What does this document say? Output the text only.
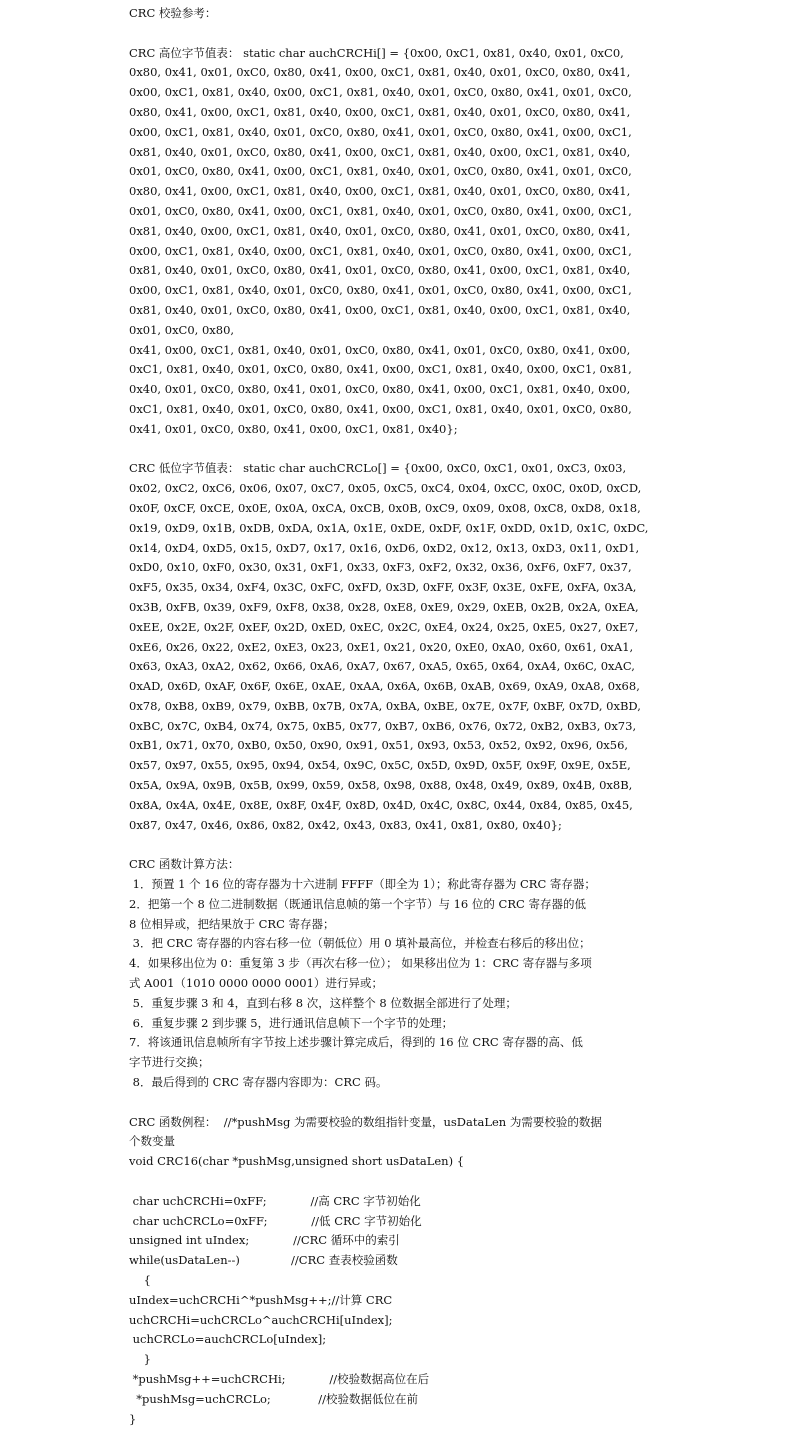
CRC 校验参考：
CRC 高位字节值表： static char auchCRCHi[] = {0x00, 0xC1, 0x81, 0x40, 0x01, 0xC0,
0x80, 0x41, 0x01, 0xC0, 0x80, 0x41, 0x00, 0xC1, 0x81, 0x40, 0x01, 0xC0, 0x80, 0x41,
0x00, 0xC1, 0x81, 0x40, 0x00, 0xC1, 0x81, 0x40, 0x01, 0xC0, 0x80, 0x41, 0x01, 0xC0,
0x80, 0x41, 0x00, 0xC1, 0x81, 0x40, 0x00, 0xC1, 0x81, 0x40, 0x01, 0xC0, 0x80, 0x41,
0x00, 0xC1, 0x81, 0x40, 0x01, 0xC0, 0x80, 0x41, 0x01, 0xC0, 0x80, 0x41, 0x00, 0xC1,
0x81, 0x40, 0x01, 0xC0, 0x80, 0x41, 0x00, 0xC1, 0x81, 0x40, 0x00, 0xC1, 0x81, 0x40,
0x01, 0xC0, 0x80, 0x41, 0x00, 0xC1, 0x81, 0x40, 0x01, 0xC0, 0x80, 0x41, 0x01, 0xC0,
0x80, 0x41, 0x00, 0xC1, 0x81, 0x40, 0x00, 0xC1, 0x81, 0x40, 0x01, 0xC0, 0x80, 0x41,
0x01, 0xC0, 0x80, 0x41, 0x00, 0xC1, 0x81, 0x40, 0x01, 0xC0, 0x80, 0x41, 0x00, 0xC1,
0x81, 0x40, 0x00, 0xC1, 0x81, 0x40, 0x01, 0xC0, 0x80, 0x41, 0x01, 0xC0, 0x80, 0x41,
0x00, 0xC1, 0x81, 0x40, 0x00, 0xC1, 0x81, 0x40, 0x01, 0xC0, 0x80, 0x41, 0x00, 0xC1,
0x81, 0x40, 0x01, 0xC0, 0x80, 0x41, 0x01, 0xC0, 0x80, 0x41, 0x00, 0xC1, 0x81, 0x40,
0x00, 0xC1, 0x81, 0x40, 0x01, 0xC0, 0x80, 0x41, 0x01, 0xC0, 0x80, 0x41, 0x00, 0xC1,
0x81, 0x40, 0x01, 0xC0, 0x80, 0x41, 0x00, 0xC1, 0x81, 0x40, 0x00, 0xC1, 0x81, 0x40,
0x01, 0xC0, 0x80,
0x41, 0x00, 0xC1, 0x81, 0x40, 0x01, 0xC0, 0x80, 0x41, 0x01, 0xC0, 0x80, 0x41, 0x00,
0xC1, 0x81, 0x40, 0x01, 0xC0, 0x80, 0x41, 0x00, 0xC1, 0x81, 0x40, 0x00, 0xC1, 0x81,
0x40, 0x01, 0xC0, 0x80, 0x41, 0x01, 0xC0, 0x80, 0x41, 0x00, 0xC1, 0x81, 0x40, 0x00,
0xC1, 0x81, 0x40, 0x01, 0xC0, 0x80, 0x41, 0x00, 0xC1, 0x81, 0x40, 0x01, 0xC0, 0x80,
0x41, 0x01, 0xC0, 0x80, 0x41, 0x00, 0xC1, 0x81, 0x40};
CRC 低位字节值表： static char auchCRCLo[] = {0x00, 0xC0, 0xC1, 0x01, 0xC3, 0x03,
0x02, 0xC2, 0xC6, 0x06, 0x07, 0xC7, 0x05, 0xC5, 0xC4, 0x04, 0xCC, 0x0C, 0x0D, 0xCD,
0x0F, 0xCF, 0xCE, 0x0E, 0x0A, 0xCA, 0xCB, 0x0B, 0xC9, 0x09, 0x08, 0xC8, 0xD8, 0x18,
0x19, 0xD9, 0x1B, 0xDB, 0xDA, 0x1A, 0x1E, 0xDE, 0xDF, 0x1F, 0xDD, 0x1D, 0x1C, 0xDC,
0x14, 0xD4, 0xD5, 0x15, 0xD7, 0x17, 0x16, 0xD6, 0xD2, 0x12, 0x13, 0xD3, 0x11, 0xD1,
0xD0, 0x10, 0xF0, 0x30, 0x31, 0xF1, 0x33, 0xF3, 0xF2, 0x32, 0x36, 0xF6, 0xF7, 0x37,
0xF5, 0x35, 0x34, 0xF4, 0x3C, 0xFC, 0xFD, 0x3D, 0xFF, 0x3F, 0x3E, 0xFE, 0xFA, 0x3A,
0x3B, 0xFB, 0x39, 0xF9, 0xF8, 0x38, 0x28, 0xE8, 0xE9, 0x29, 0xEB, 0x2B, 0x2A, 0xEA,
0xEE, 0x2E, 0x2F, 0xEF, 0x2D, 0xED, 0xEC, 0x2C, 0xE4, 0x24, 0x25, 0xE5, 0x27, 0xE7,
0xE6, 0x26, 0x22, 0xE2, 0xE3, 0x23, 0xE1, 0x21, 0x20, 0xE0, 0xA0, 0x60, 0x61, 0xA1,
0x63, 0xA3, 0xA2, 0x62, 0x66, 0xA6, 0xA7, 0x67, 0xA5, 0x65, 0x64, 0xA4, 0x6C, 0xAC,
0xAD, 0x6D, 0xAF, 0x6F, 0x6E, 0xAE, 0xAA, 0x6A, 0x6B, 0xAB, 0x69, 0xA9, 0xA8, 0x68,
0x78, 0xB8, 0xB9, 0x79, 0xBB, 0x7B, 0x7A, 0xBA, 0xBE, 0x7E, 0x7F, 0xBF, 0x7D, 0xBD,
0xBC, 0x7C, 0xB4, 0x74, 0x75, 0xB5, 0x77, 0xB7, 0xB6, 0x76, 0x72, 0xB2, 0xB3, 0x73,
0xB1, 0x71, 0x70, 0xB0, 0x50, 0x90, 0x91, 0x51, 0x93, 0x53, 0x52, 0x92, 0x96, 0x56,
0x57, 0x97, 0x55, 0x95, 0x94, 0x54, 0x9C, 0x5C, 0x5D, 0x9D, 0x5F, 0x9F, 0x9E, 0x5E,
0x5A, 0x9A, 0x9B, 0x5B, 0x99, 0x59, 0x58, 0x98, 0x88, 0x48, 0x49, 0x89, 0x4B, 0x8B,
0x8A, 0x4A, 0x4E, 0x8E, 0x8F, 0x4F, 0x8D, 0x4D, 0x4C, 0x8C, 0x44, 0x84, 0x85, 0x45,
0x87, 0x47, 0x46, 0x86, 0x82, 0x42, 0x43, 0x83, 0x41, 0x81, 0x80, 0x40};
CRC 函数计算方法：
1．预置 1 个 16 位的寄存器为十六进制 FFFF（即全为 1）；称此寄存器为 CRC 寄存器；
2．把第一个 8 位二进制数据（既通讯信息帧的第一个字节）与 16 位的 CRC 寄存器的低
8 位相异或，把结果放于 CRC 寄存器；
3．把 CRC 寄存器的内容右移一位（朝低位）用 0 填补最高位，并检查右移后的移出位；
4．如果移出位为 0：重复第 3 步（再次右移一位）； 如果移出位为 1：CRC 寄存器与多项
式 A001（1010 0000 0000 0001）进行异或；
5．重复步骤 3 和 4，直到右移 8 次，这样整个 8 位数据全部进行了处理；
6．重复步骤 2 到步骤 5，进行通讯信息帧下一个字节的处理；
7．将该通讯信息帧所有字节按上述步骤计算完成后，得到的 16 位 CRC 寄存器的高、低
字节进行交换；
8．最后得到的 CRC 寄存器内容即为：CRC 码。
CRC 函数例程：  //*pushMsg 为需要校验的数组指针变量，usDataLen 为需要校验的数据
个数变量
void CRC16(char *pushMsg,unsigned short usDataLen) {
char uchCRCHi=0xFF;            //高 CRC 字节初始化
char uchCRCLo=0xFF;            //低 CRC 字节初始化
unsigned int uIndex;            //CRC 循环中的索引
while(usDataLen--)              //CRC 查表校验函数
{
uIndex=uchCRCHi^*pushMsg++;//计算 CRC
uchCRCHi=uchCRCLo^auchCRCHi[uIndex];
uchCRCLo=auchCRCLo[uIndex];
}
*pushMsg++=uchCRCHi;            //校验数据高位在后
*pushMsg=uchCRCLo;             //校验数据低位在前
}
